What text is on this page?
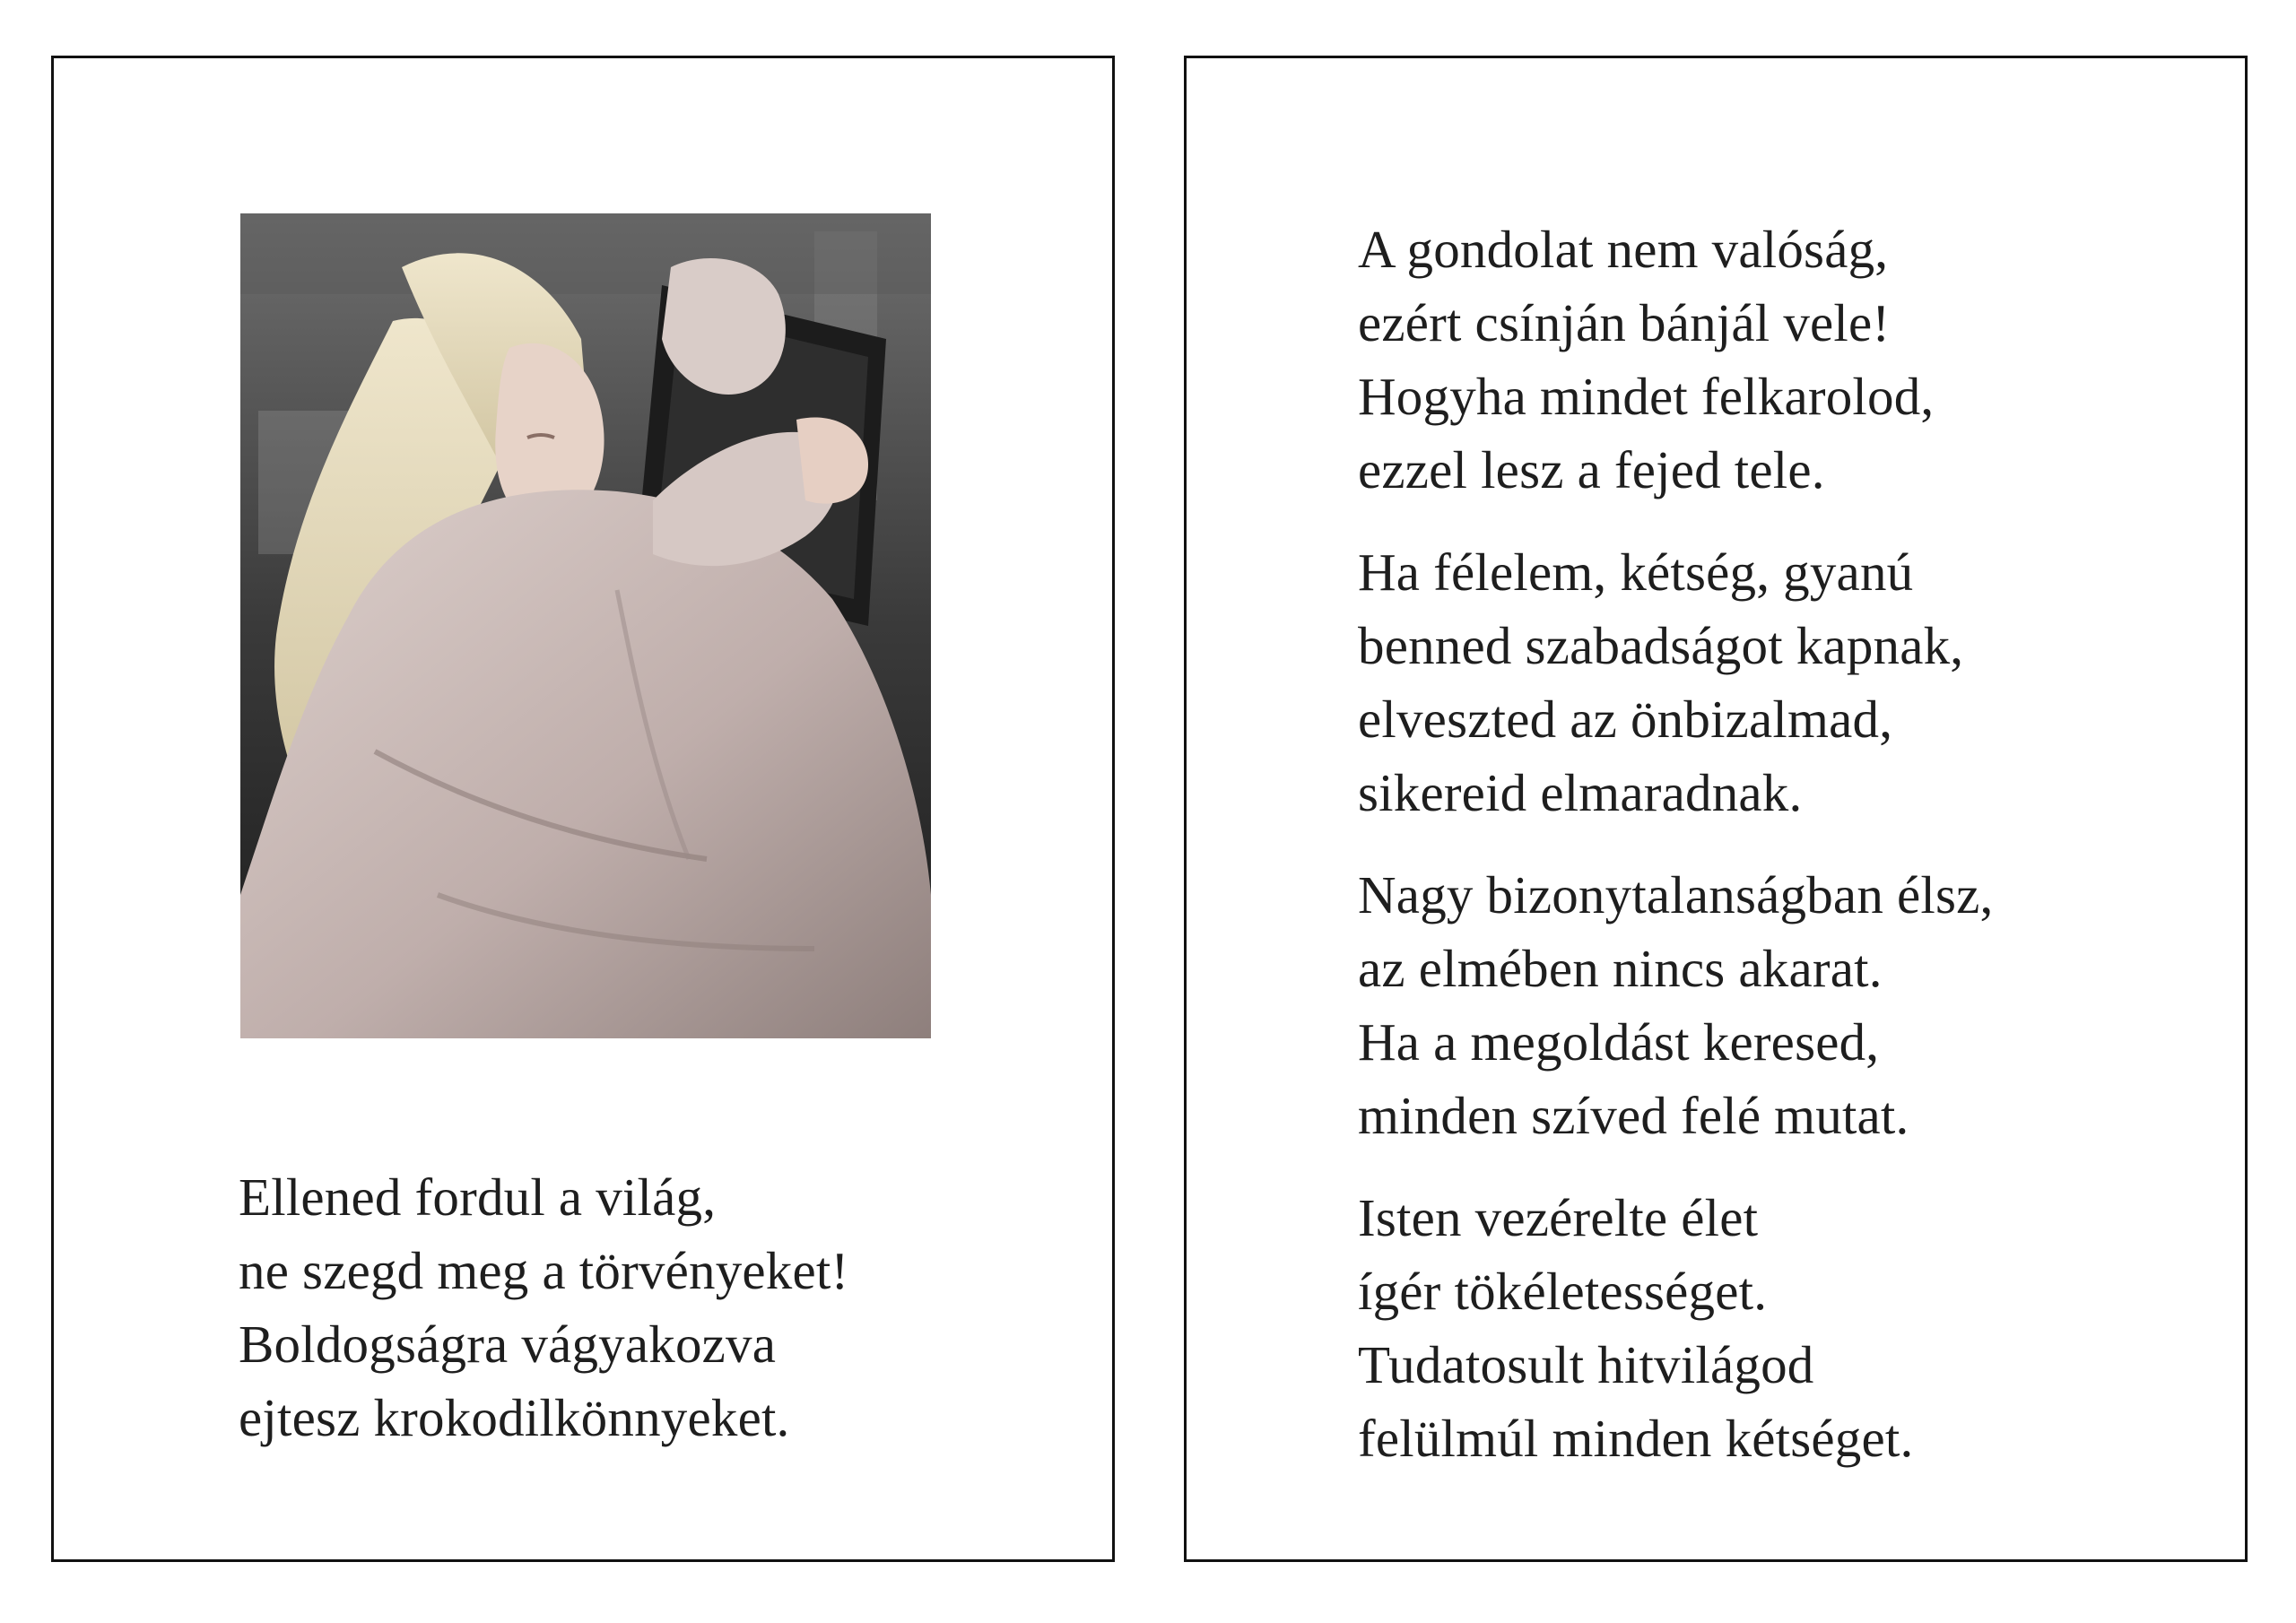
Ellened fordul a világ,
ne szegd meg a törvényeket!
Boldogságra vágyakozva
ejtesz krokodilkönnyeket.
A gondolat nem valóság,
ezért csínján bánjál vele!
Hogyha mindet felkarolod,
ezzel lesz a fejed tele.
Ha félelem, kétség, gyanú
benned szabadságot kapnak,
elveszted az önbizalmad,
sikereid elmaradnak.
Nagy bizonytalanságban élsz,
az elmében nincs akarat.
Ha a megoldást keresed,
minden szíved felé mutat.
Isten vezérelte élet
ígér tökéletességet.
Tudatosult hitvilágod
felülmúl minden kétséget.
